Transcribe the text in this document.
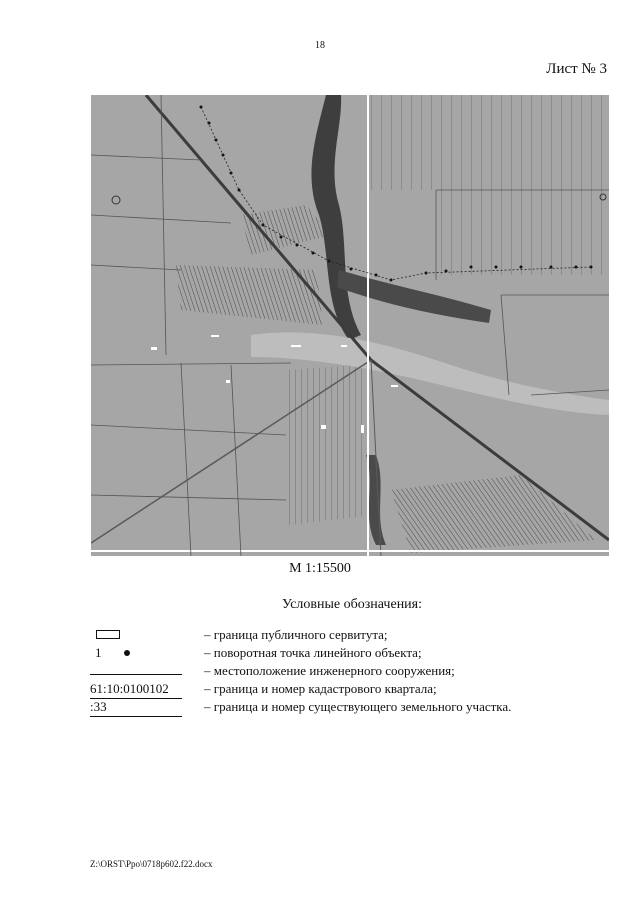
18
Лист № 3
М 1:15500
Условные обозначения:
– граница публичного сервитута;
1	– поворотная точка линейного объекта;
– местоположение инженерного сооружения;
61:10:0100102	– граница и номер кадастрового квартала;
:33	– граница и номер существующего земельного участка.
Z:\ORST\Ppo\0718p602.f22.docx
